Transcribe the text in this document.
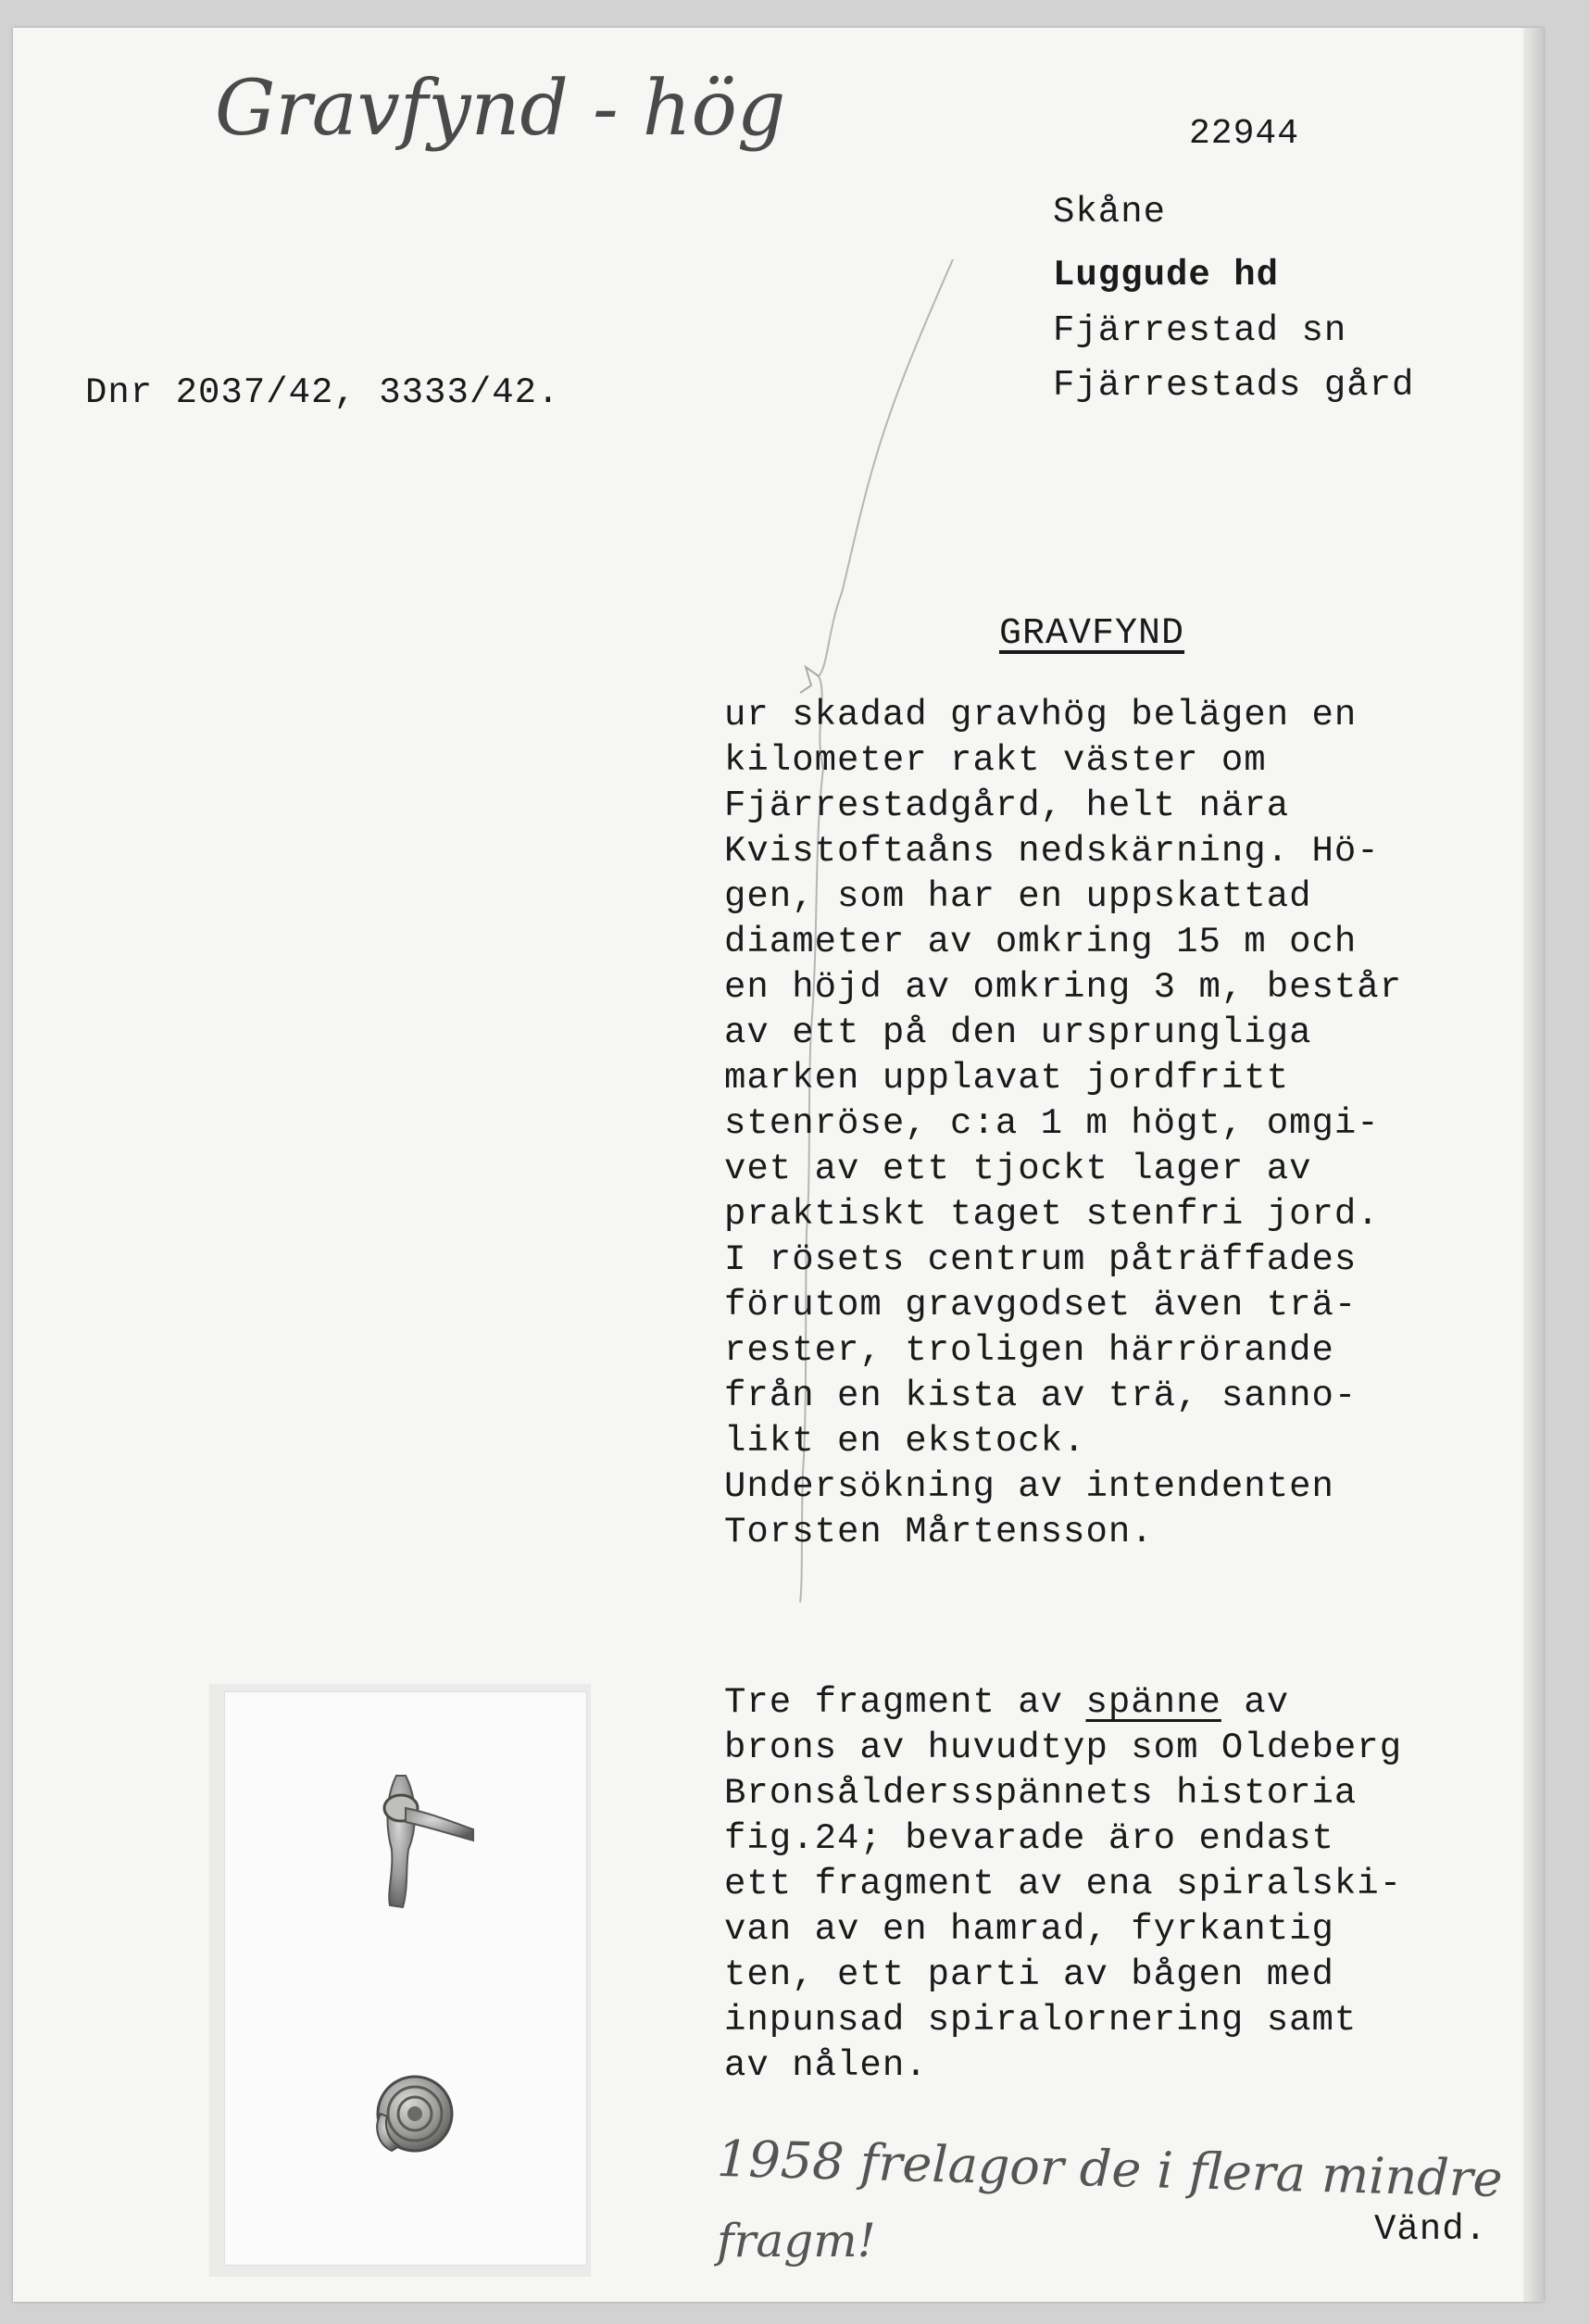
Gravfynd - hög	22944
Skåne
Luggude hd
Fjärrestad sn
Fjärrestads gård
Dnr 2037/42, 3333/42.
GRAVFYND
ur skadad gravhög belägen en
kilometer rakt väster om
Fjärrestadgård, helt nära
Kvistoftaåns nedskärning. Hö-
gen, som har en uppskattad
diameter av omkring 15 m och
en höjd av omkring 3 m, består
av ett på den ursprungliga
marken upplavat jordfritt
stenröse, c:a 1 m högt, omgi-
vet av ett tjockt lager av
praktiskt taget stenfri jord.
I rösets centrum påträffades
förutom gravgodset även trä-
rester, troligen härrörande
från en kista av trä, sanno-
likt en ekstock.
Undersökning av intendenten
Torsten Mårtensson.
Tre fragment av spänne av
brons av huvudtyp som Oldeberg
Bronsåldersspännets historia
fig.24; bevarade äro endast
ett fragment av ena spiralski-
van av en hamrad, fyrkantig
ten, ett parti av bågen med
inpunsad spiralornering samt
av nålen.
1958 frelagor de i flera mindre
fragm!	Vänd.
